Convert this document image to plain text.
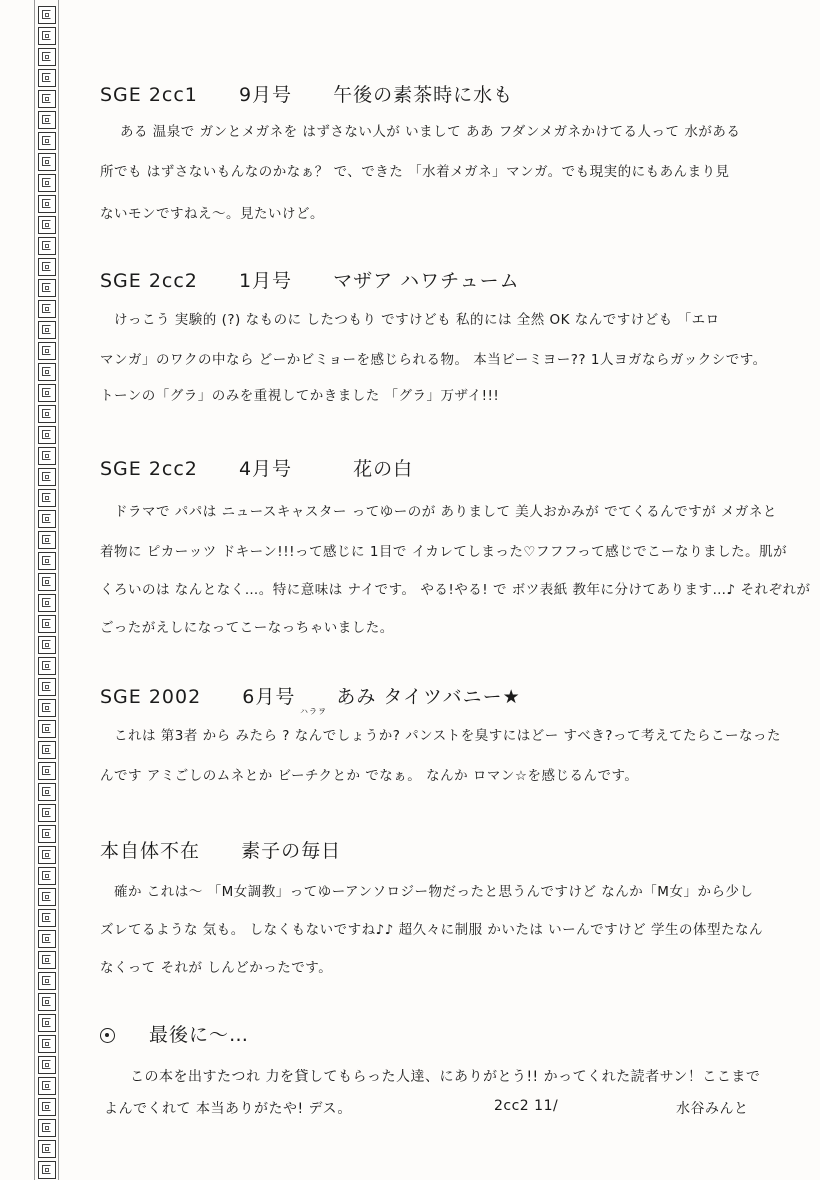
SGE 2cc1 9月号 午後の素茶時に水も
ある 温泉で ガンとメガネを はずさない人が いまして ああ フダンメガネかけてる人って 水がある
所でも はずさないもんなのかなぁ？ で、できた 「水着メガネ」マンガ。でも現実的にもあんまり見
ないモンですねえ〜。見たいけど。
SGE 2cc2 1月号 マザア ハワチューム
けっこう 実験的 (?) なものに したつもり ですけども 私的には 全然 OK なんですけども 「エロ
マンガ」のワクの中なら どーかビミョーを感じられる物。 本当ビーミヨー?? 1人ヨガならガックシです。
トーンの「グラ」のみを重視してかきました 「グラ」万ザイ!!!
SGE 2cc2 4月号	花の白
ドラマで パパは ニュースキャスター ってゆーのが ありまして 美人おかみが でてくるんですが メガネと
着物に ピカーッツ ドキーン!!!って感じに 1目で イカレてしまった♡フフフって感じでこーなりました。肌が
くろいのは なんとなく…。特に意味は ナイです。 やる!やる! で ボツ表紙 教年に分けてあります…♪ それぞれが
ごったがえしになってこーなっちゃいました。
SGE 2002 6月号 あみ タイツバニー★
ハラヲ
これは 第3者 から みたら ? なんでしょうか? パンストを臭すにはどー すべき?って考えてたらこーなった
んです アミごしのムネとか ビーチクとか でなぁ。 なんか ロマン☆を感じるんです。
本自体不在 素子の毎日
確か これは〜 「M女調教」ってゆーアンソロジー物だったと思うんですけど なんか「M女」から少し
ズレてるような 気も。 しなくもないですね♪♪ 超久々に制服 かいたは いーんですけど 学生の体型たなん
なくって それが しんどかったです。
最後に〜…
この本を出すたつれ 力を貸してもらった人達、にありがとう!! かってくれた読者サン！ここまで
よんでくれて 本当ありがたや! デス。	2cc2 11/	水谷みんと
